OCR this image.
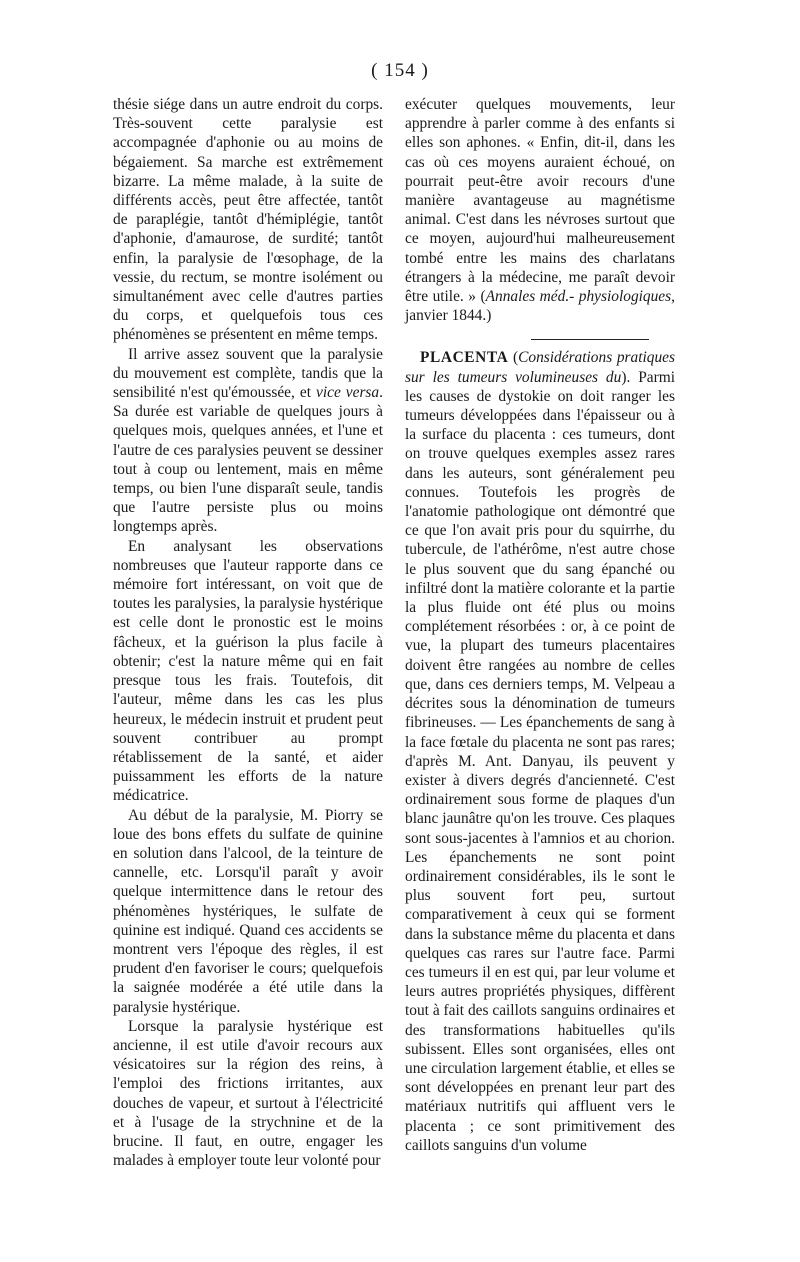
( 154 )

thésie siége dans un autre endroit du corps. Très-souvent cette paralysie est accompagnée d'aphonie ou au moins de bégaiement. Sa marche est extrêmement bizarre. La même malade, à la suite de différents accès, peut être affectée, tantôt de paraplégie, tantôt d'hémiplégie, tantôt d'aphonie, d'amaurose, de surdité; tantôt enfin, la paralysie de l'œsophage, de la vessie, du rectum, se montre isolément ou simultanément avec celle d'autres parties du corps, et quelquefois tous ces phénomènes se présentent en même temps.

Il arrive assez souvent que la paralysie du mouvement est complète, tandis que la sensibilité n'est qu'émoussée, et vice versa. Sa durée est variable de quelques jours à quelques mois, quelques années, et l'une et l'autre de ces paralysies peuvent se dessiner tout à coup ou lentement, mais en même temps, ou bien l'une disparaît seule, tandis que l'autre persiste plus ou moins longtemps après.

En analysant les observations nombreuses que l'auteur rapporte dans ce mémoire fort intéressant, on voit que de toutes les paralysies, la paralysie hystérique est celle dont le pronostic est le moins fâcheux, et la guérison la plus facile à obtenir; c'est la nature même qui en fait presque tous les frais. Toutefois, dit l'auteur, même dans les cas les plus heureux, le médecin instruit et prudent peut souvent contribuer au prompt rétablissement de la santé, et aider puissamment les efforts de la nature médicatrice.

Au début de la paralysie, M. Piorry se loue des bons effets du sulfate de quinine en solution dans l'alcool, de la teinture de cannelle, etc. Lorsqu'il paraît y avoir quelque intermittence dans le retour des phénomènes hystériques, le sulfate de quinine est indiqué. Quand ces accidents se montrent vers l'époque des règles, il est prudent d'en favoriser le cours; quelquefois la saignée modérée a été utile dans la paralysie hystérique.

Lorsque la paralysie hystérique est ancienne, il est utile d'avoir recours aux vésicatoires sur la région des reins, à l'emploi des frictions irritantes, aux douches de vapeur, et surtout à l'électricité et à l'usage de la strychnine et de la brucine. Il faut, en outre, engager les malades à employer toute leur volonté pour

exécuter quelques mouvements, leur apprendre à parler comme à des enfants si elles son aphones. « Enfin, dit-il, dans les cas où ces moyens auraient échoué, on pourrait peut-être avoir recours d'une manière avantageuse au magnétisme animal. C'est dans les névroses surtout que ce moyen, aujourd'hui malheureusement tombé entre les mains des charlatans étrangers à la médecine, me paraît devoir être utile. » (Annales méd.- physiologiques, janvier 1844.)

PLACENTA (Considérations pratiques sur les tumeurs volumineuses du). Parmi les causes de dystokie on doit ranger les tumeurs développées dans l'épaisseur ou à la surface du placenta : ces tumeurs, dont on trouve quelques exemples assez rares dans les auteurs, sont généralement peu connues. Toutefois les progrès de l'anatomie pathologique ont démontré que ce que l'on avait pris pour du squirrhe, du tubercule, de l'athérôme, n'est autre chose le plus souvent que du sang épanché ou infiltré dont la matière colorante et la partie la plus fluide ont été plus ou moins complétement résorbées : or, à ce point de vue, la plupart des tumeurs placentaires doivent être rangées au nombre de celles que, dans ces derniers temps, M. Velpeau a décrites sous la dénomination de tumeurs fibrineuses. — Les épanchements de sang à la face fœtale du placenta ne sont pas rares; d'après M. Ant. Danyau, ils peuvent y exister à divers degrés d'ancienneté. C'est ordinairement sous forme de plaques d'un blanc jaunâtre qu'on les trouve. Ces plaques sont sous-jacentes à l'amnios et au chorion. Les épanchements ne sont point ordinairement considérables, ils le sont le plus souvent fort peu, surtout comparativement à ceux qui se forment dans la substance même du placenta et dans quelques cas rares sur l'autre face. Parmi ces tumeurs il en est qui, par leur volume et leurs autres propriétés physiques, diffèrent tout à fait des caillots sanguins ordinaires et des transformations habituelles qu'ils subissent. Elles sont organisées, elles ont une circulation largement établie, et elles se sont développées en prenant leur part des matériaux nutritifs qui affluent vers le placenta ; ce sont primitivement des caillots sanguins d'un volume
